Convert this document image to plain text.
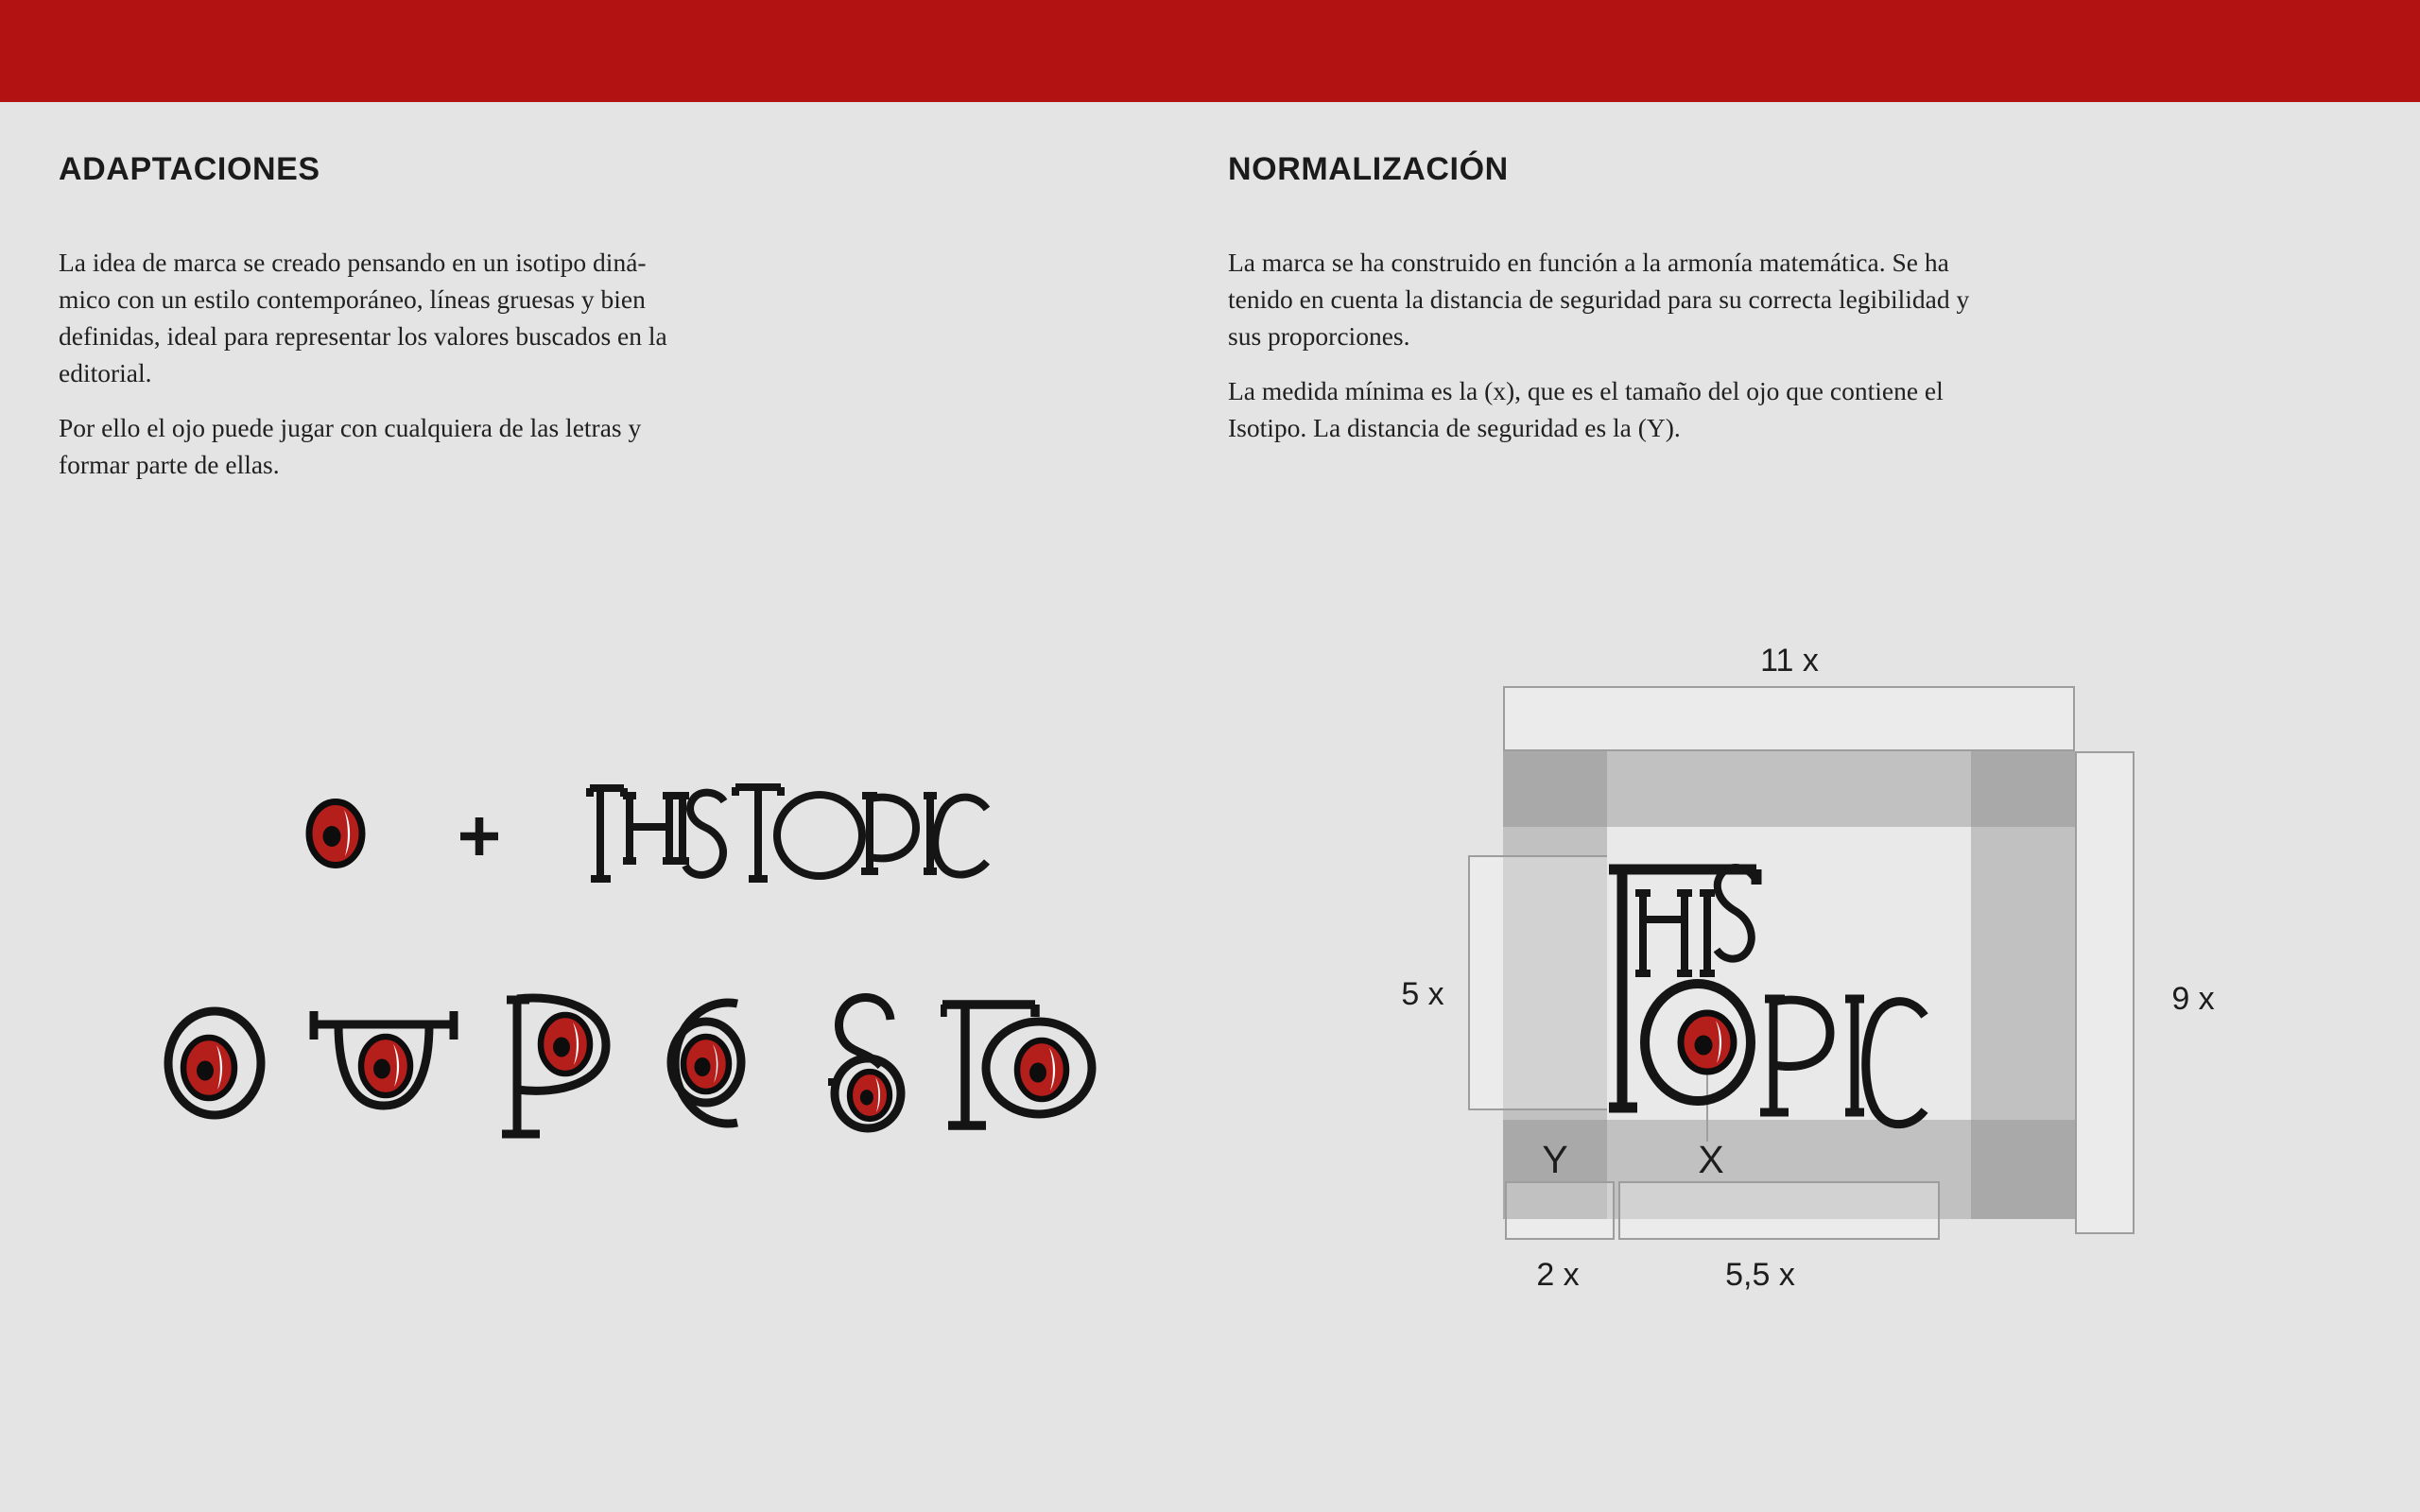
ADAPTACIONES
La idea de marca se creado pensando en un isotipo diná-
mico con un estilo contemporáneo, líneas gruesas y bien
definidas, ideal para representar los valores buscados en la
editorial.
Por ello el ojo puede jugar con cualquiera de las letras y
formar parte de ellas.
NORMALIZACIÓN
La marca se ha construido en función a la armonía matemática. Se ha
tenido en cuenta la distancia de seguridad para su correcta legibilidad y
sus proporciones.
La medida mínima es la (x), que es el tamaño del ojo que contiene el
Isotipo. La distancia de seguridad es la (Y).
11 x
5 x	9 x
Y	X
2 x	5,5 x
